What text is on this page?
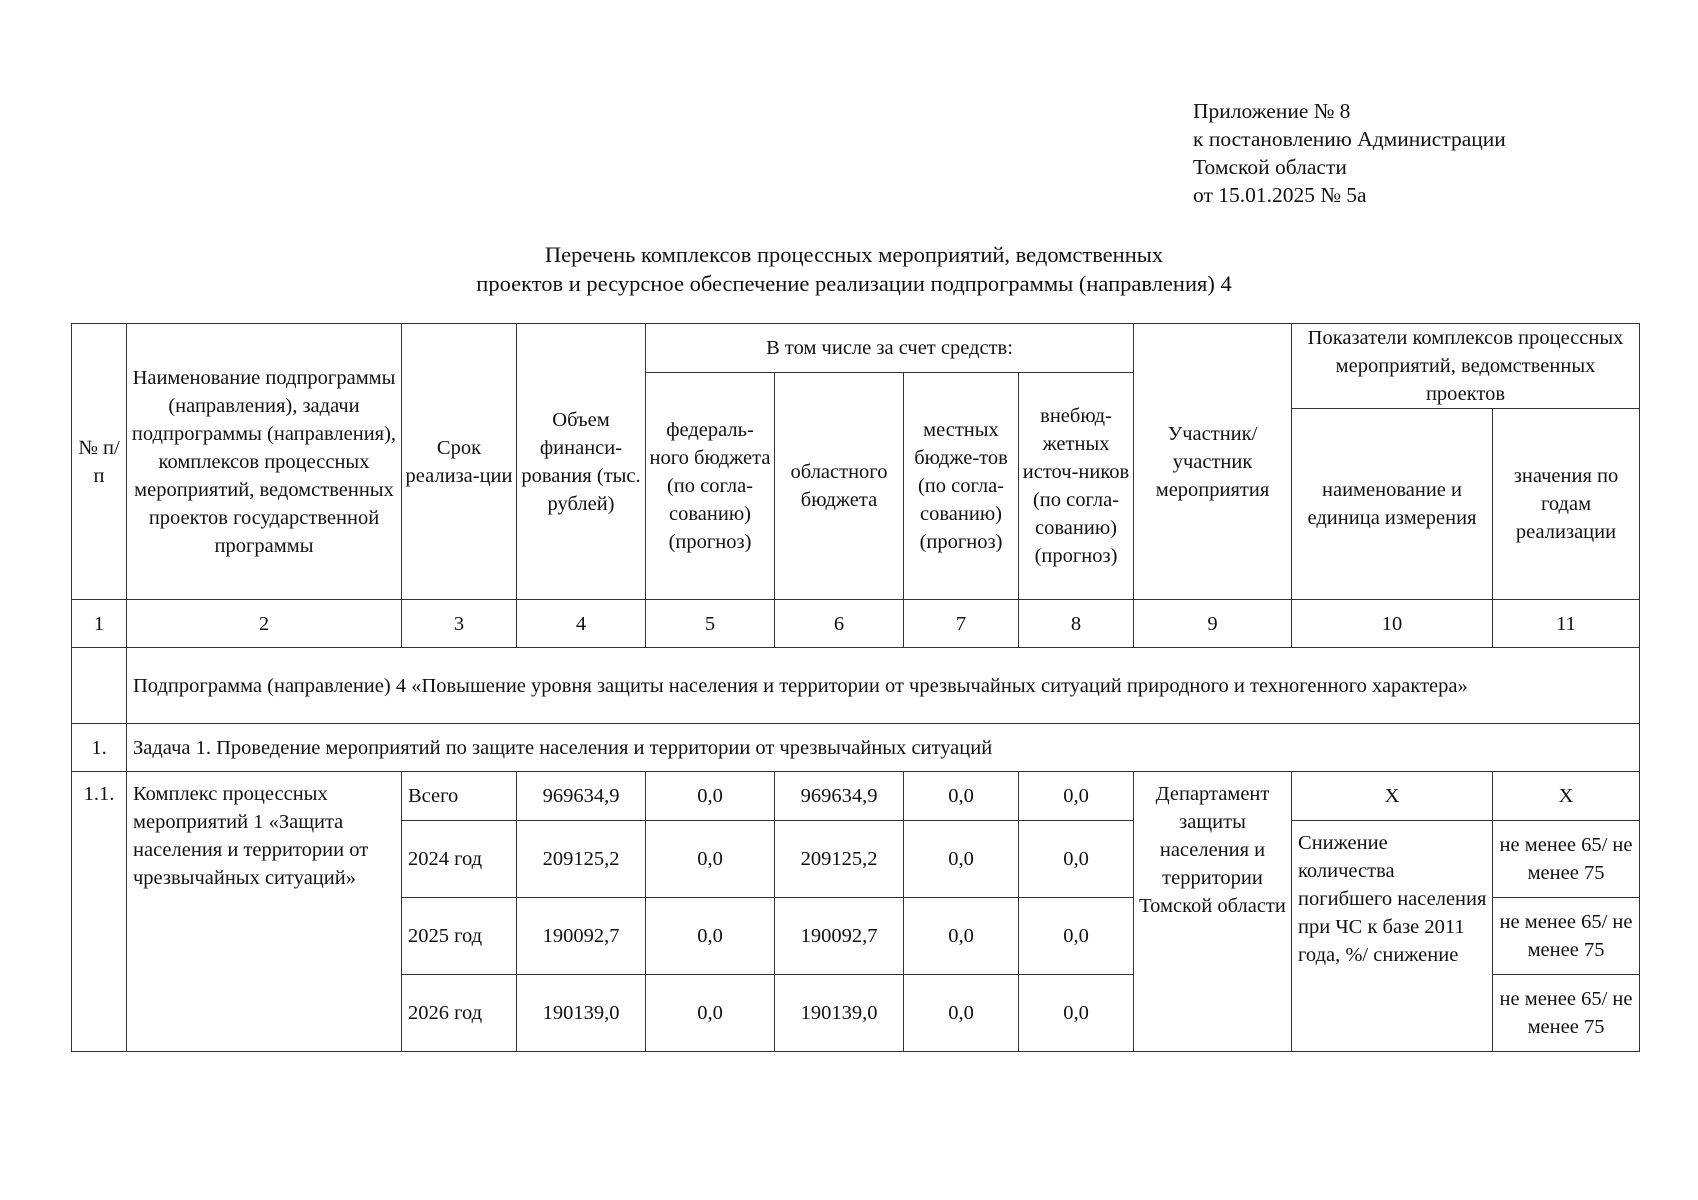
Приложение № 8
к постановлению Администрации
Томской области
от 15.01.2025 № 5а
Перечень комплексов процессных мероприятий, ведомственных
проектов и ресурсное обеспечение реализации подпрограммы (направления) 4
№ п/п	Наименование подпрограммы (направления), задачи подпрограммы (направления), комплексов процессных мероприятий, ведомственных проектов государственной программы	Срок реализа-ции	Объем финанси-рования (тыс. рублей)	В том числе за счет средств:				Участник/ участник мероприятия	Показатели комплексов процессных мероприятий, ведомственных проектов	
				федераль-ного бюджета (по согла-сованию) (прогноз)	областного бюджета	местных бюдже-тов (по согла-сованию) (прогноз)	внебюд-жетных источ-ников (по согла-сованию) (прогноз)			
									наименование и единица измерения	значения по годам реализации
1	2	3	4	5	6	7	8	9	10	11
	Подпрограмма (направление) 4 «Повышение уровня защиты населения и территории от чрезвычайных ситуаций природного и техногенного характера»									
1.	Задача 1. Проведение мероприятий по защите населения и территории от чрезвычайных ситуаций									
1.1.	Комплекс процессных мероприятий 1 «Защита населения и территории от чрезвычайных ситуаций»	Всего	969634,9	0,0	969634,9	0,0	0,0	Департамент защиты населения и территории Томской области	Х	Х
		2024 год	209125,2	0,0	209125,2	0,0	0,0		Снижение количества погибшего населения при ЧС к базе 2011 года, %/ снижение	не менее 65/ не менее 75
		2025 год	190092,7	0,0	190092,7	0,0	0,0			не менее 65/ не менее 75
		2026 год	190139,0	0,0	190139,0	0,0	0,0			не менее 65/ не менее 75
